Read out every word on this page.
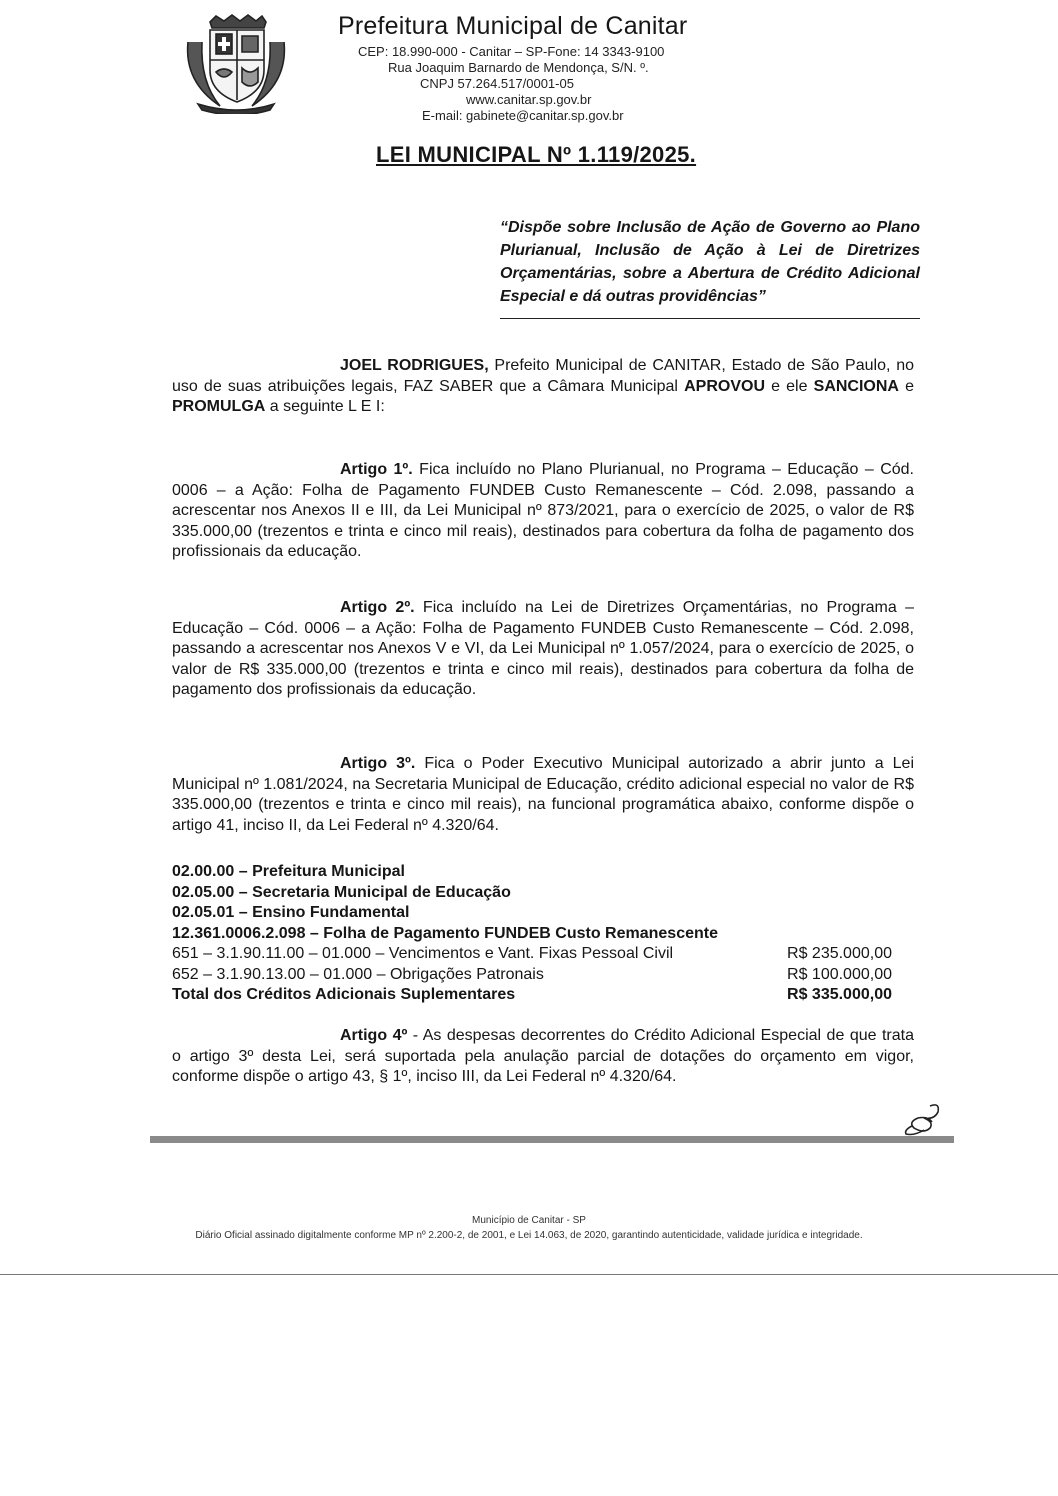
Prefeitura Municipal de Canitar
CEP: 18.990-000 - Canitar – SP-Fone: 14 3343-9100
Rua Joaquim Barnardo de Mendonça, S/N. º.
CNPJ 57.264.517/0001-05
www.canitar.sp.gov.br
E-mail: gabinete@canitar.sp.gov.br
LEI MUNICIPAL Nº 1.119/2025.
“Dispõe sobre Inclusão de Ação de Governo ao Plano Plurianual, Inclusão de Ação à Lei de Diretrizes Orçamentárias, sobre a Abertura de Crédito Adicional Especial e dá outras providências”
JOEL RODRIGUES, Prefeito Municipal de CANITAR, Estado de São Paulo, no uso de suas atribuições legais, FAZ SABER que a Câmara Municipal APROVOU e ele SANCIONA e PROMULGA a seguinte L E I:
Artigo 1º. Fica incluído no Plano Plurianual, no Programa – Educação – Cód. 0006 – a Ação: Folha de Pagamento FUNDEB Custo Remanescente – Cód. 2.098, passando a acrescentar nos Anexos II e III, da Lei Municipal nº 873/2021, para o exercício de 2025, o valor de R$ 335.000,00 (trezentos e trinta e cinco mil reais), destinados para cobertura da folha de pagamento dos profissionais da educação.
Artigo 2º. Fica incluído na Lei de Diretrizes Orçamentárias, no Programa – Educação – Cód. 0006 – a Ação: Folha de Pagamento FUNDEB Custo Remanescente – Cód. 2.098, passando a acrescentar nos Anexos V e VI, da Lei Municipal nº 1.057/2024, para o exercício de 2025, o valor de R$ 335.000,00 (trezentos e trinta e cinco mil reais), destinados para cobertura da folha de pagamento dos profissionais da educação.
Artigo 3º. Fica o Poder Executivo Municipal autorizado a abrir junto a Lei Municipal nº 1.081/2024, na Secretaria Municipal de Educação, crédito adicional especial no valor de R$ 335.000,00 (trezentos e trinta e cinco mil reais), na funcional programática abaixo, conforme dispõe o artigo 41, inciso II, da Lei Federal nº 4.320/64.
02.00.00 – Prefeitura Municipal
02.05.00 – Secretaria Municipal de Educação
02.05.01 – Ensino Fundamental
12.361.0006.2.098 – Folha de Pagamento FUNDEB Custo Remanescente
651 – 3.1.90.11.00 – 01.000 – Vencimentos e Vant. Fixas Pessoal Civil	R$ 235.000,00
652 – 3.1.90.13.00 – 01.000 – Obrigações Patronais	R$ 100.000,00
Total dos Créditos Adicionais Suplementares	R$ 335.000,00
Artigo 4º - As despesas decorrentes do Crédito Adicional Especial de que trata o artigo 3º desta Lei, será suportada pela anulação parcial de dotações do orçamento em vigor, conforme dispõe o artigo 43, § 1º, inciso III, da Lei Federal nº 4.320/64.
Município de Canitar - SP
Diário Oficial assinado digitalmente conforme MP nº 2.200-2, de 2001, e Lei 14.063, de 2020, garantindo autenticidade, validade jurídica e integridade.
